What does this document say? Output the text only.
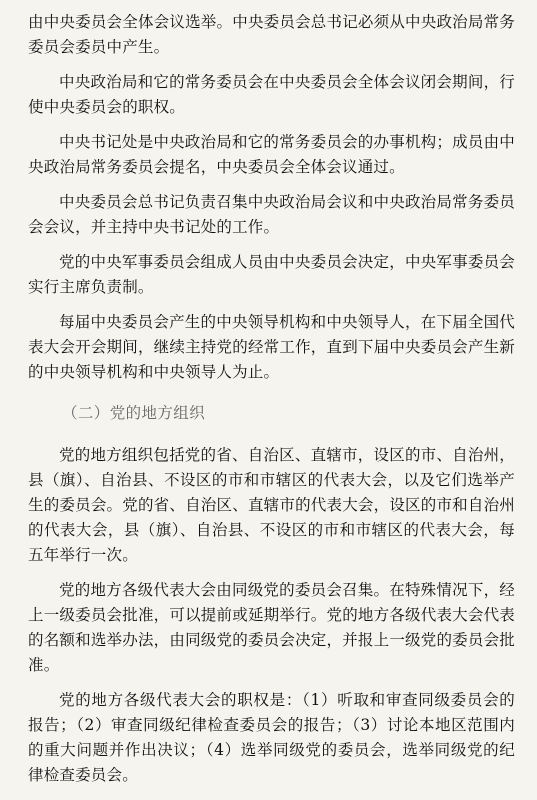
由中央委员会全体会议选举。中央委员会总书记必须从中央政治局常务委员会委员中产生。

中央政治局和它的常务委员会在中央委员会全体会议闭会期间，行使中央委员会的职权。

中央书记处是中央政治局和它的常务委员会的办事机构；成员由中央政治局常务委员会提名，中央委员会全体会议通过。

中央委员会总书记负责召集中央政治局会议和中央政治局常务委员会会议，并主持中央书记处的工作。

党的中央军事委员会组成人员由中央委员会决定，中央军事委员会实行主席负责制。

每届中央委员会产生的中央领导机构和中央领导人，在下届全国代表大会开会期间，继续主持党的经常工作，直到下届中央委员会产生新的中央领导机构和中央领导人为止。

（二）党的地方组织

党的地方组织包括党的省、自治区、直辖市，设区的市、自治州，县（旗）、自治县、不设区的市和市辖区的代表大会，以及它们选举产生的委员会。党的省、自治区、直辖市的代表大会，设区的市和自治州的代表大会，县（旗）、自治县、不设区的市和市辖区的代表大会，每五年举行一次。

党的地方各级代表大会由同级党的委员会召集。在特殊情况下，经上一级委员会批准，可以提前或延期举行。党的地方各级代表大会代表的名额和选举办法，由同级党的委员会决定，并报上一级党的委员会批准。

党的地方各级代表大会的职权是：（1）听取和审查同级委员会的报告；（2）审查同级纪律检查委员会的报告；（3）讨论本地区范围内的重大问题并作出决议；（4）选举同级党的委员会，选举同级党的纪律检查委员会。
